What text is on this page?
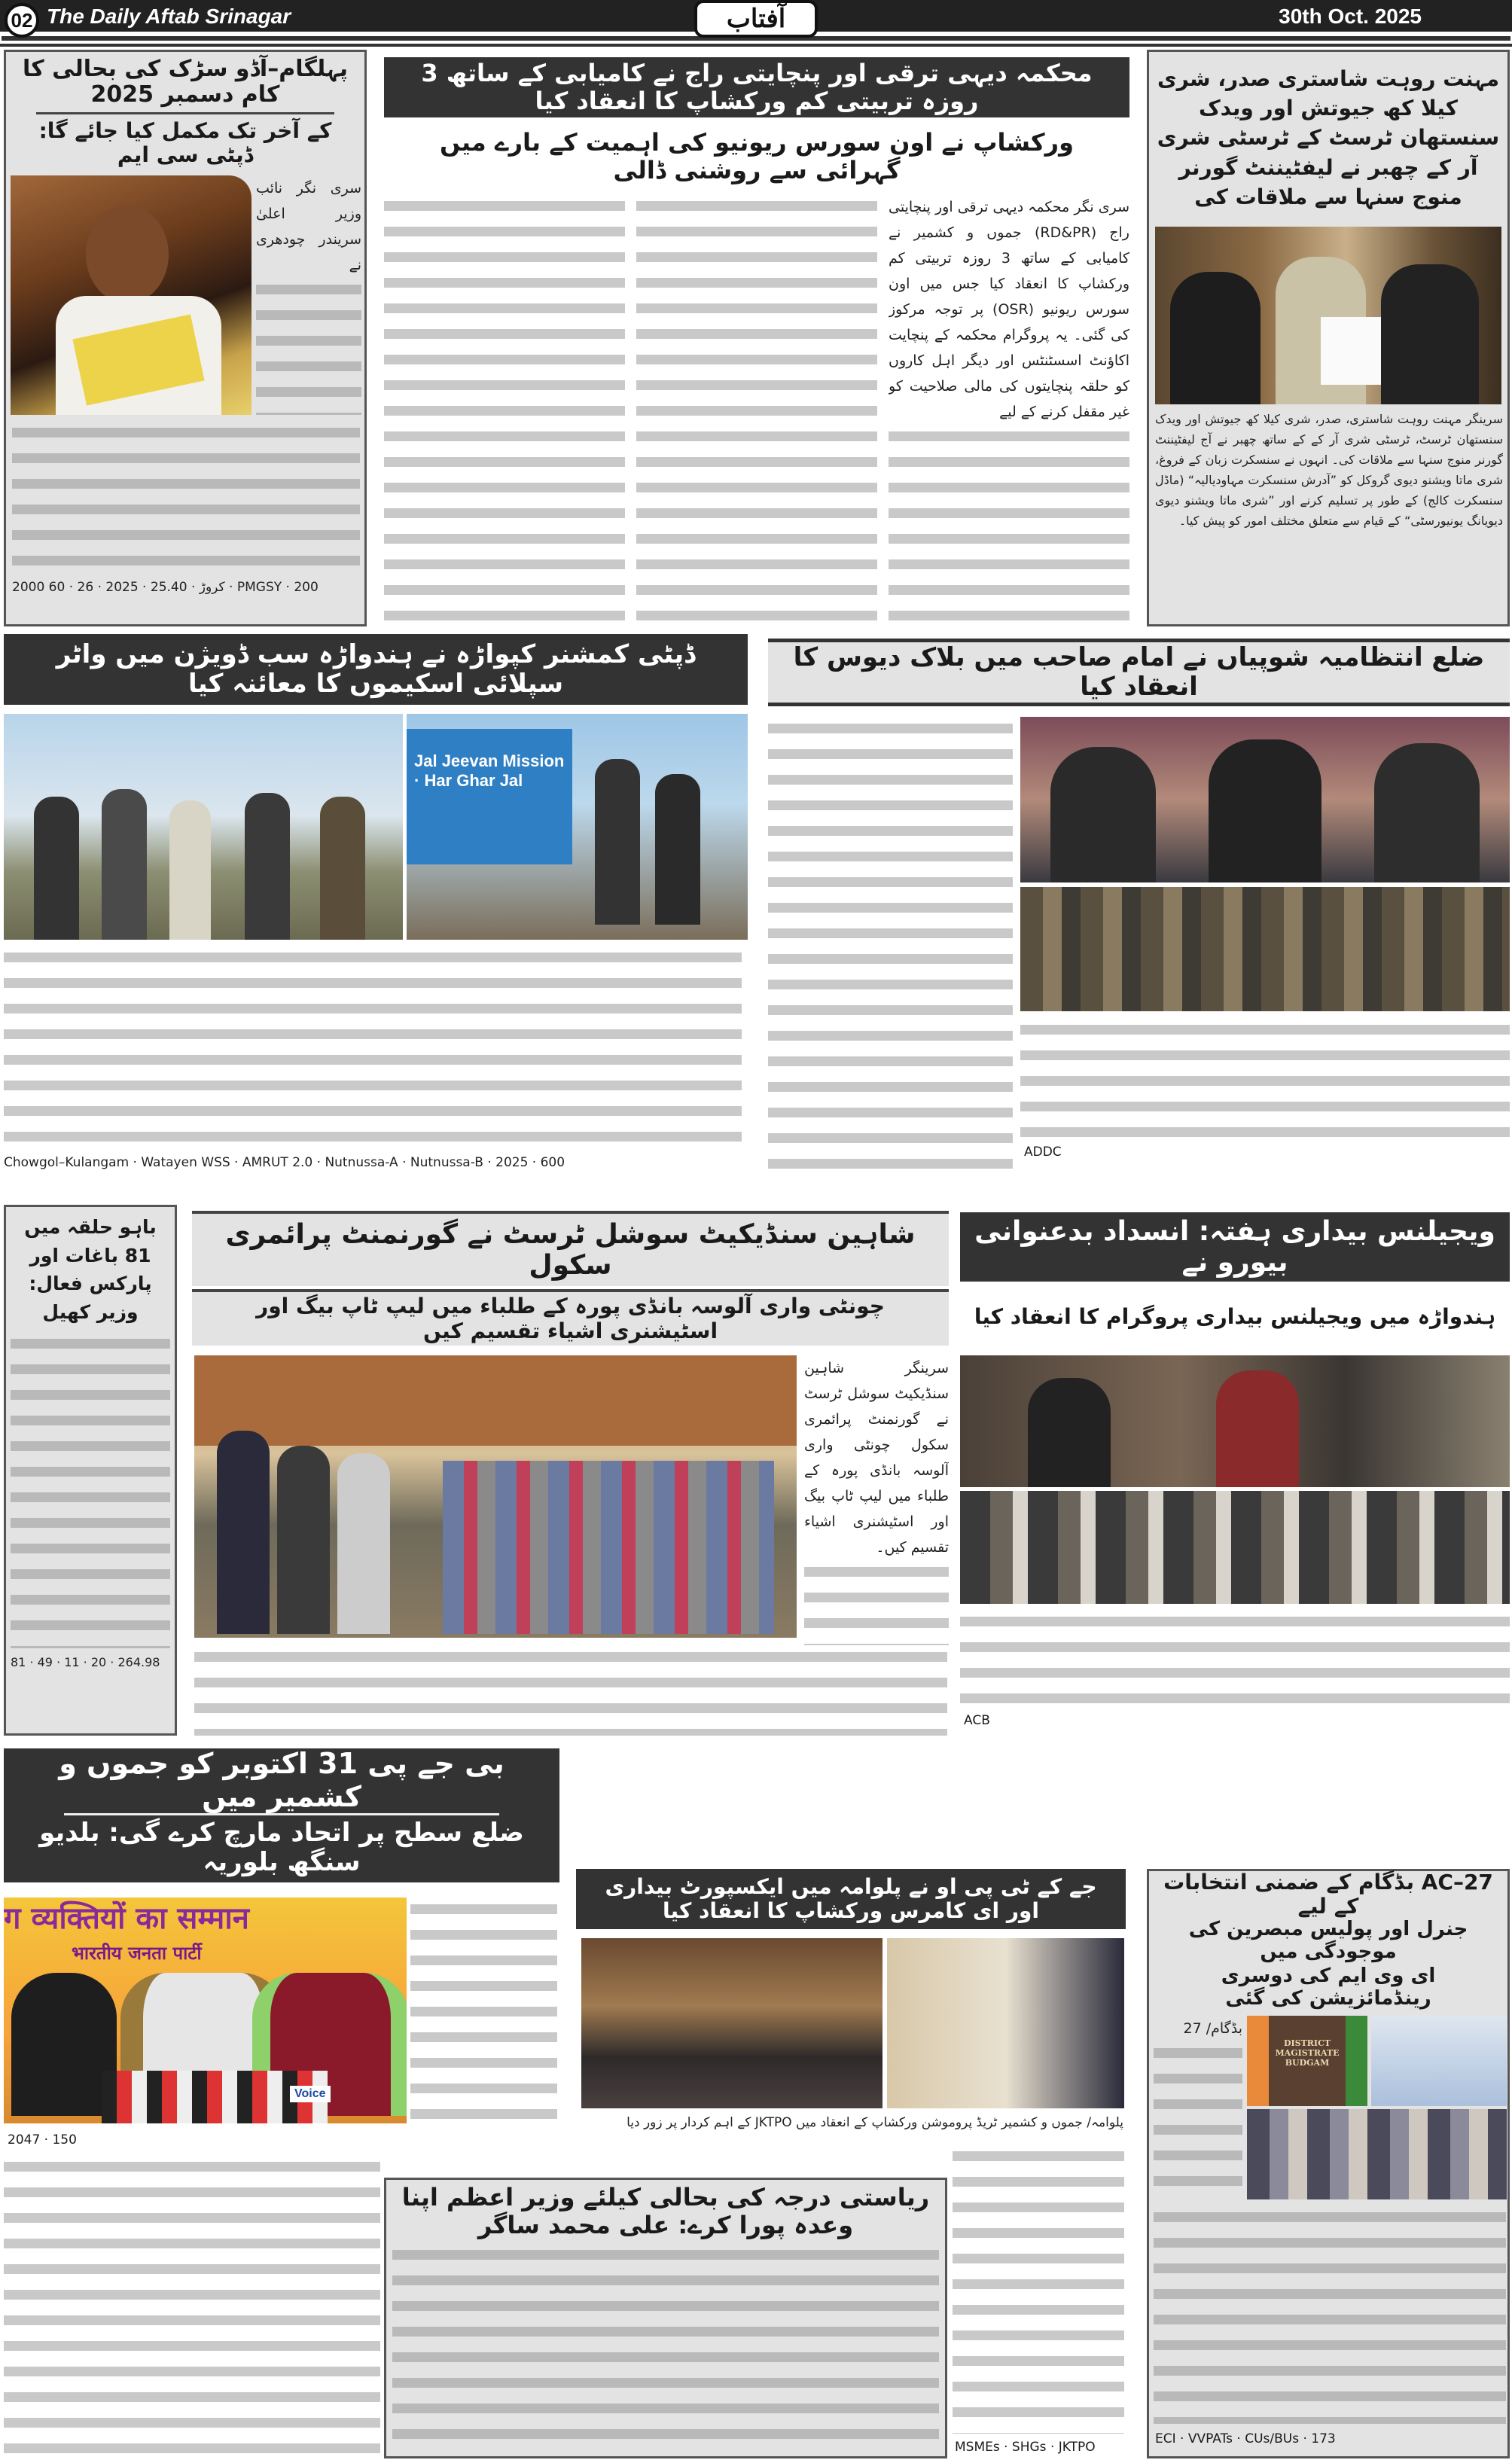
02 The Daily Aftab Srinagar	آفتاب	30th Oct. 2025
پہلگام–آڈو سڑک کی بحالی کا کام دسمبر 2025
کے آخر تک مکمل کیا جائے گا: ڈپٹی سی ایم

سری نگر نائب وزیر اعلیٰ سریندر چودھری نے

2000 کروڑ · 25.40 · 2025 · 26 · 60 · PMGSY · 200

محکمہ دیہی ترقی اور پنچایتی راج نے کامیابی کے ساتھ 3 روزہ تربیتی کم ورکشاپ کا انعقاد کیا
ورکشاپ نے اون سورس ریونیو کی اہمیت کے بارے میں گہرائی سے روشنی ڈالی

سری نگر محکمہ دیہی ترقی اور پنچایتی راج (RD&PR) جموں و کشمیر نے کامیابی کے ساتھ 3 روزہ تربیتی کم ورکشاپ کا انعقاد کیا جس میں اون سورس ریونیو (OSR) پر توجہ مرکوز کی گئی۔ یہ پروگرام محکمہ کے پنچایت اکاؤنٹ اسسٹنٹس اور دیگر اہل کاروں کو حلقہ پنچایتوں کی مالی صلاحیت کو غیر مقفل کرنے کے لیے

مہنت روہت شاستری صدر، شری کیلا کھ جیوتش اور ویدک سنستھان ٹرسٹ کے ٹرسٹی شری آر کے چھبر نے لیفٹیننٹ گورنر منوج سنہا سے ملاقات کی
سرینگر مہنت روہت شاستری، صدر، شری کیلا کھ جیوتش اور ویدک سنستھان ٹرسٹ، ٹرسٹی شری آر کے کے ساتھ چھبر نے آج لیفٹیننٹ گورنر منوج سنہا سے ملاقات کی۔ انہوں نے سنسکرت زبان کے فروغ، شری ماتا ویشنو دیوی گروکل کو ”آدرش سنسکرت مہاودیالیہ“ (ماڈل سنسکرت کالج) کے طور پر تسلیم کرنے اور ”شری ماتا ویشنو دیوی دیویانگ یونیورسٹی“ کے قیام سے متعلق مختلف امور کو پیش کیا۔
ڈپٹی کمشنر کپواڑہ نے ہندواڑہ سب ڈویژن میں واٹر سپلائی اسکیموں کا معائنہ کیا
Jal Jeevan Mission · Har Ghar Jal
Chowgol–Kulangam · Watayen WSS · AMRUT 2.0 · Nutnussa-A · Nutnussa-B · 2025 · 600
ضلع انتظامیہ شوپیاں نے امام صاحب میں بلاک دیوس کا انعقاد کیا
ADDC
باہو حلقہ میں 81 باغات اور پارکس فعال: وزیر کھیل
81 · 49 · 11 · 20 · 264.98
شاہین سنڈیکیٹ سوشل ٹرسٹ نے گورنمنٹ پرائمری سکول
چونٹی واری آلوسہ بانڈی پورہ کے طلباء میں لیپ ٹاپ بیگ اور اسٹیشنری اشیاء تقسیم کیں

سرینگر شاہین سنڈیکیٹ سوشل ٹرسٹ نے گورنمنٹ پرائمری سکول چونٹی واری آلوسہ بانڈی پورہ کے طلباء میں لیپ ٹاپ بیگ اور اسٹیشنری اشیاء تقسیم کیں۔

ویجیلنس بیداری ہفتہ: انسداد بدعنوانی بیورو نے
ہندواڑہ میں ویجیلنس بیداری پروگرام کا انعقاد کیا
ACB
بی جے پی 31 اکتوبر کو جموں و کشمیر میں
ضلع سطح پر اتحاد مارچ کرے گی: بلدیو سنگھ بلوریہ
ग व्यक्तियों का सम्मान
भारतीय जनता पार्टी
Voice
2047 · 150
جے کے ٹی پی او نے پلوامہ میں ایکسپورٹ بیداری اور ای کامرس ورکشاپ کا انعقاد کیا
پلوامہ/ جموں و کشمیر ٹریڈ پروموشن ورکشاپ کے انعقاد میں JKTPO کے اہم کردار پر زور دیا
MSMEs · SHGs · JKTPO
ریاستی درجہ کی بحالی کیلئے وزیر اعظم اپنا وعدہ پورا کرے: علی محمد ساگر
AC–27 بڈگام کے ضمنی انتخابات کے لیے
جنرل اور پولیس مبصرین کی موجودگی میں
ای وی ایم کی دوسری رینڈمائزیشن کی گئی

بڈگام/ 27

DISTRICT MAGISTRATE BUDGAM
ECI · VVPATs · CUs/BUs · 173
